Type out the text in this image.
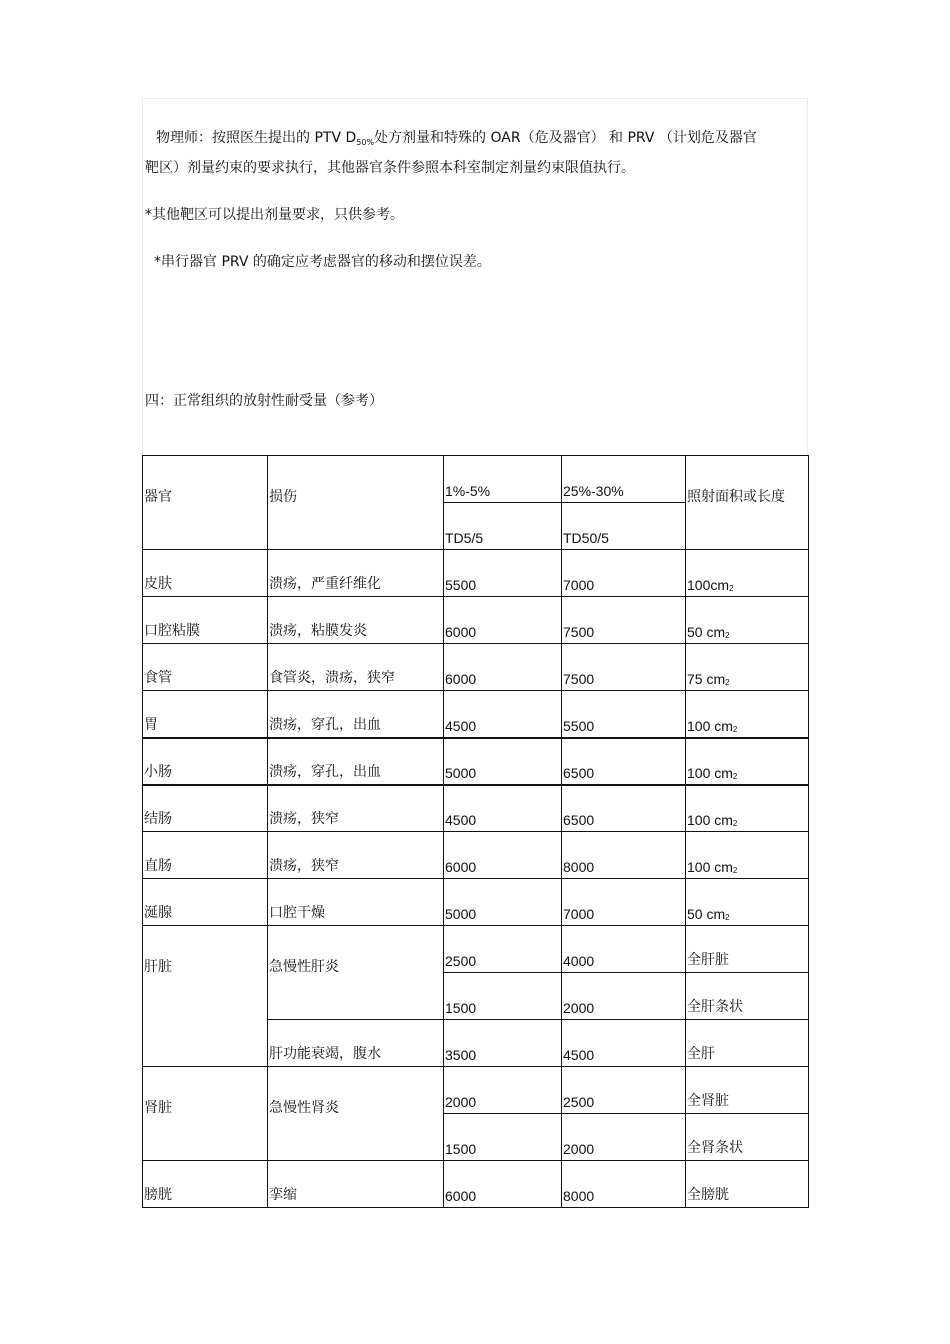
物理师：按照医生提出的 PTV $D_{50\%}$处方剂量和特殊的 OAR（危及器官） 和 PRV （计划危及器官
靶区）剂量约束的要求执行，其他器官条件参照本科室制定剂量约束限值执行。
*其他靶区可以提出剂量要求，只供参考。
*串行器官 PRV 的确定应考虑器官的移动和摆位误差。
四：正常组织的放射性耐受量（参考）
器官	损伤	1%-5%	25%-30%	照射面积或长度
		TD5/5	TD50/5	
皮肤	溃疡，严重纤维化	5500	7000	100cm2
口腔粘膜	溃疡，粘膜发炎	6000	7500	50 cm2
食管	食管炎，溃疡，狭窄	6000	7500	75 cm2
胃	溃疡，穿孔，出血	4500	5500	100 cm2
小肠	溃疡，穿孔，出血	5000	6500	100 cm2
结肠	溃疡，狭窄	4500	6500	100 cm2
直肠	溃疡，狭窄	6000	8000	100 cm2
涎腺	口腔干燥	5000	7000	50 cm2
肝脏	急慢性肝炎	2500	4000	全肝脏
		1500	2000	全肝条状
	肝功能衰竭，腹水	3500	4500	全肝
肾脏	急慢性肾炎	2000	2500	全肾脏
		1500	2000	全肾条状
膀胱	挛缩	6000	8000	全膀胱
